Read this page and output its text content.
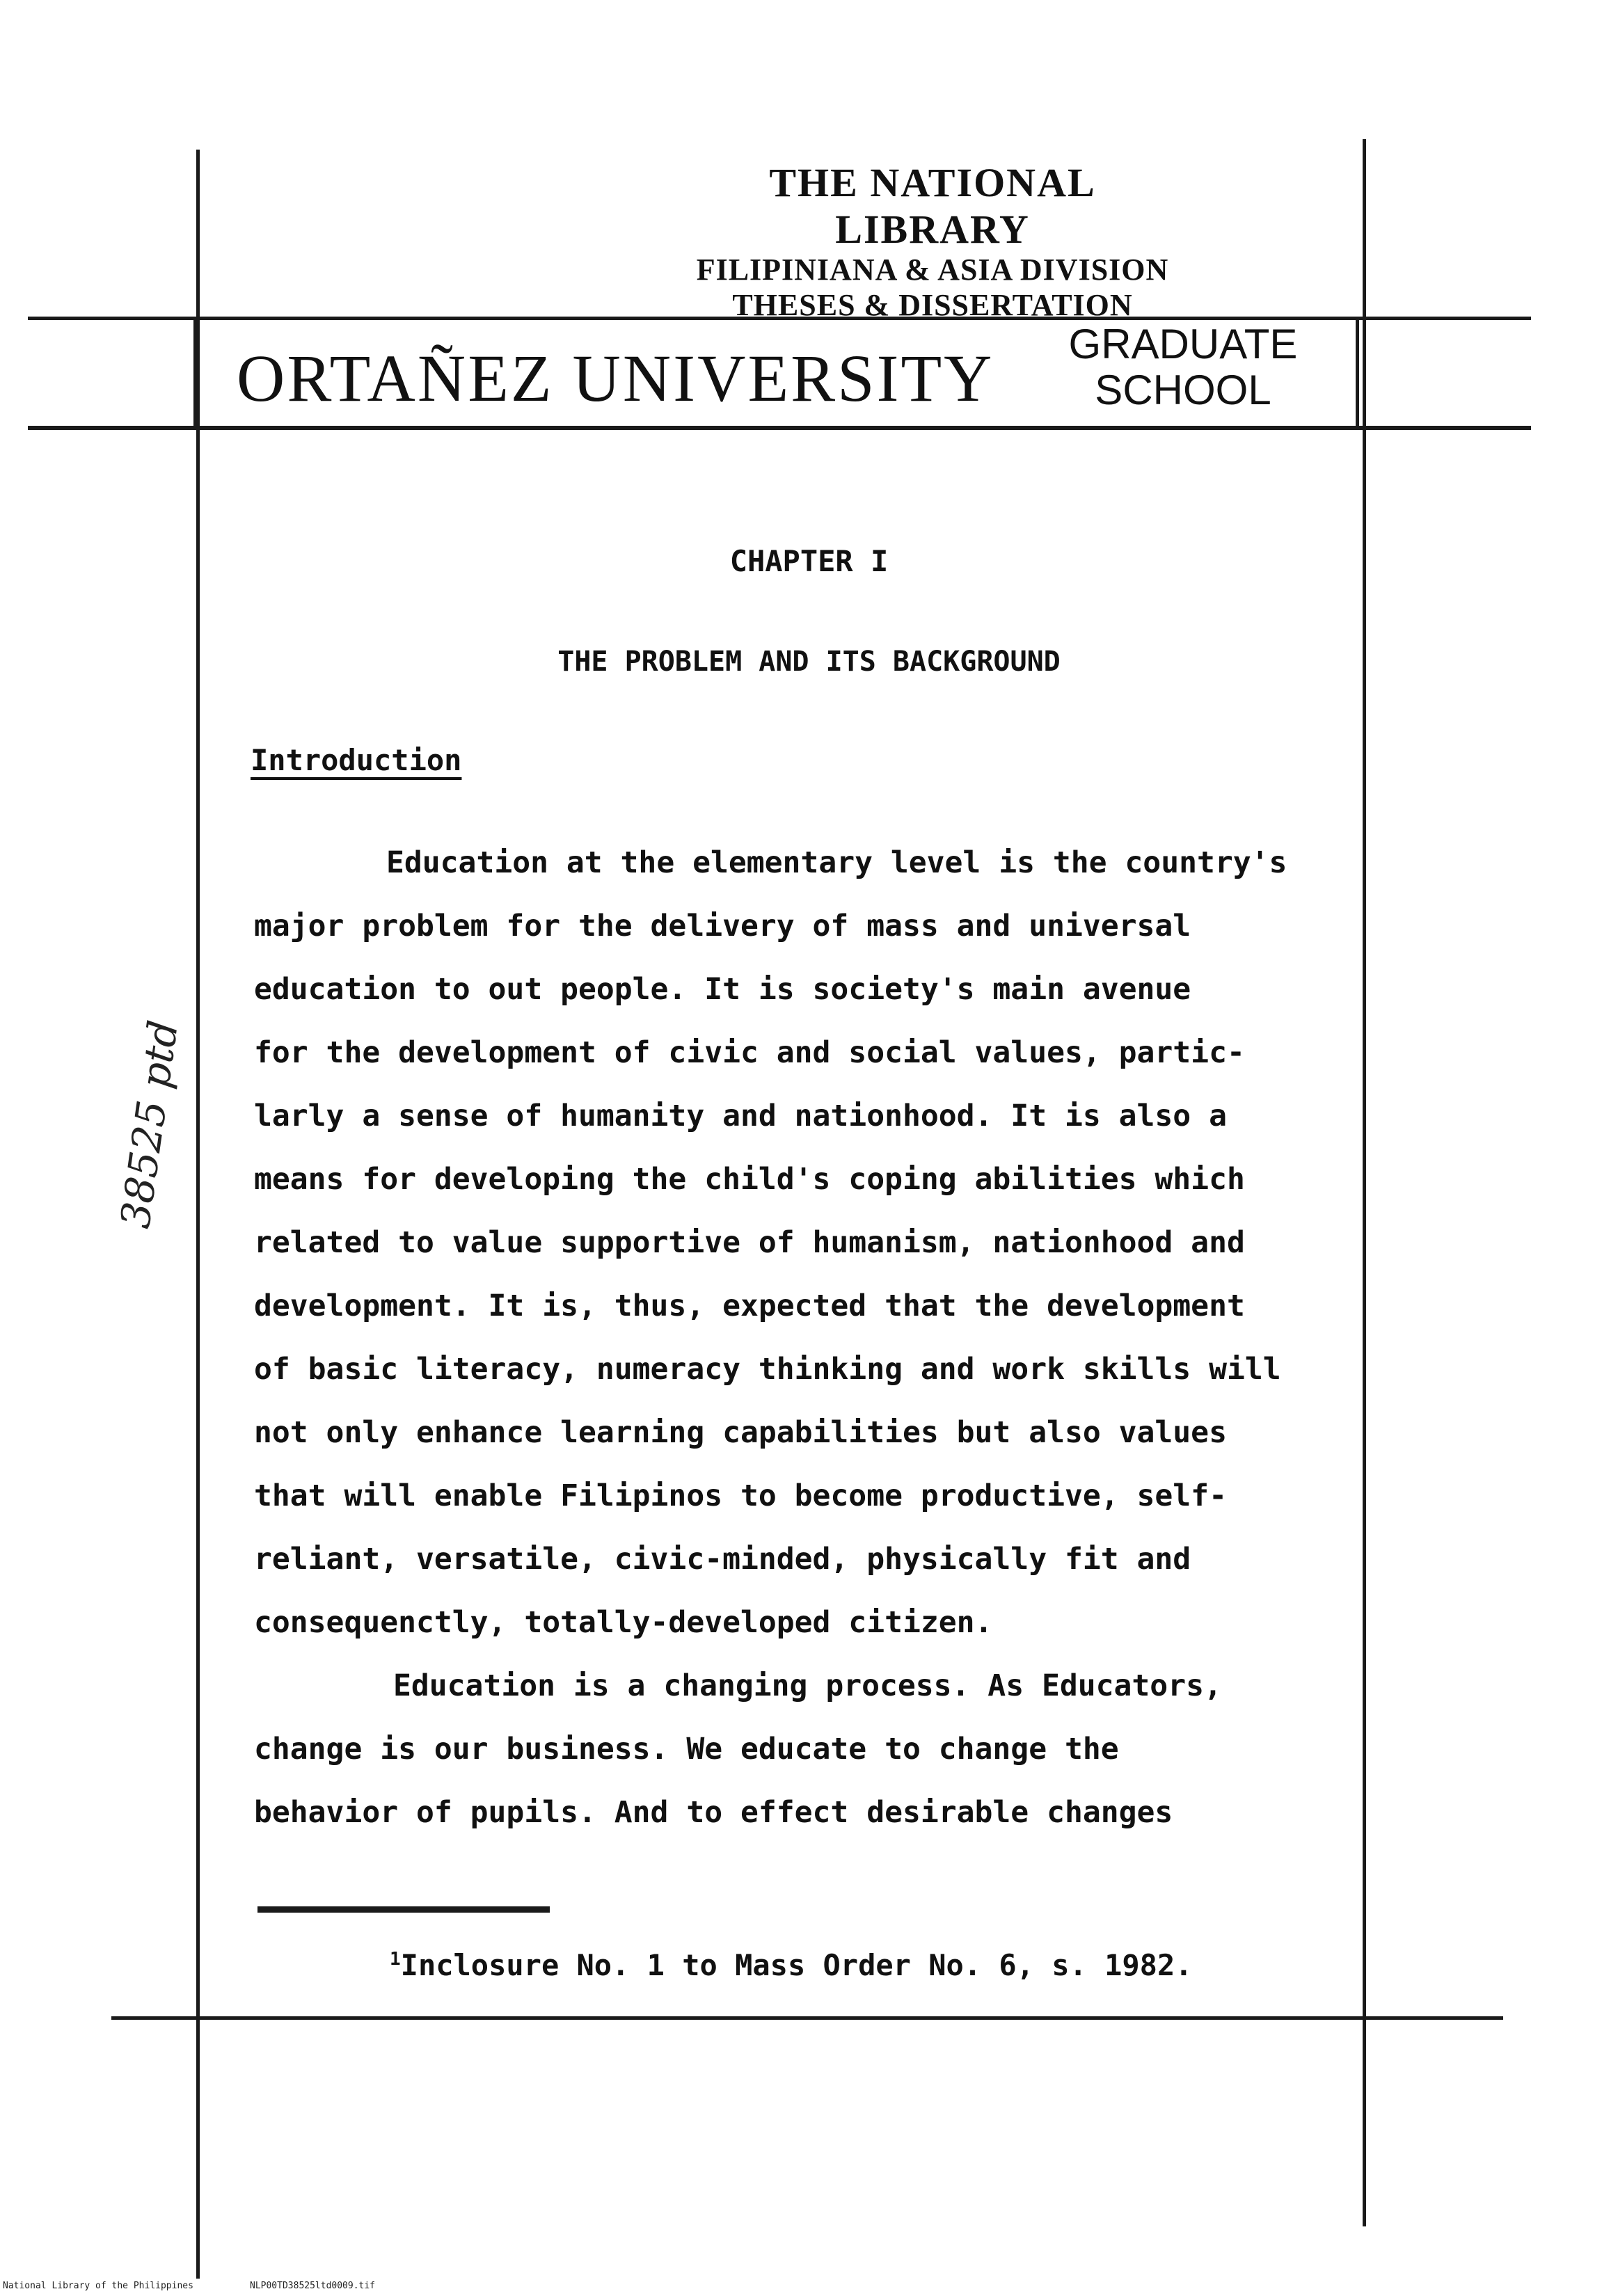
THE NATIONAL LIBRARY
FILIPINIANA & ASIA DIVISION
THESES & DISSERTATION
ORTAÑEZ UNIVERSITY	GRADUATE
SCHOOL
CHAPTER I
THE PROBLEM AND ITS BACKGROUND
Introduction
Education at the elementary level is the country's
major problem for the delivery of mass and universal
education to out people. It is society's main avenue
for the development of civic and social values, partic-
larly a sense of humanity and nationhood. It is also a
means for developing the child's coping abilities which
related to value supportive of humanism, nationhood and
development. It is, thus, expected that the development
of basic literacy, numeracy thinking and work skills will
not only enhance learning capabilities but also values
that will enable Filipinos to become productive, self-
reliant, versatile, civic-minded, physically fit and
consequenctly, totally-developed citizen.
Education is a changing process. As Educators,
change is our business. We educate to change the
behavior of pupils. And to effect desirable changes
$^1$Inclosure No. 1 to Mass Order No. 6, s. 1982.
38525 ptd
National Library of the Philippines	NLP00TD38525ltd0009.tif
